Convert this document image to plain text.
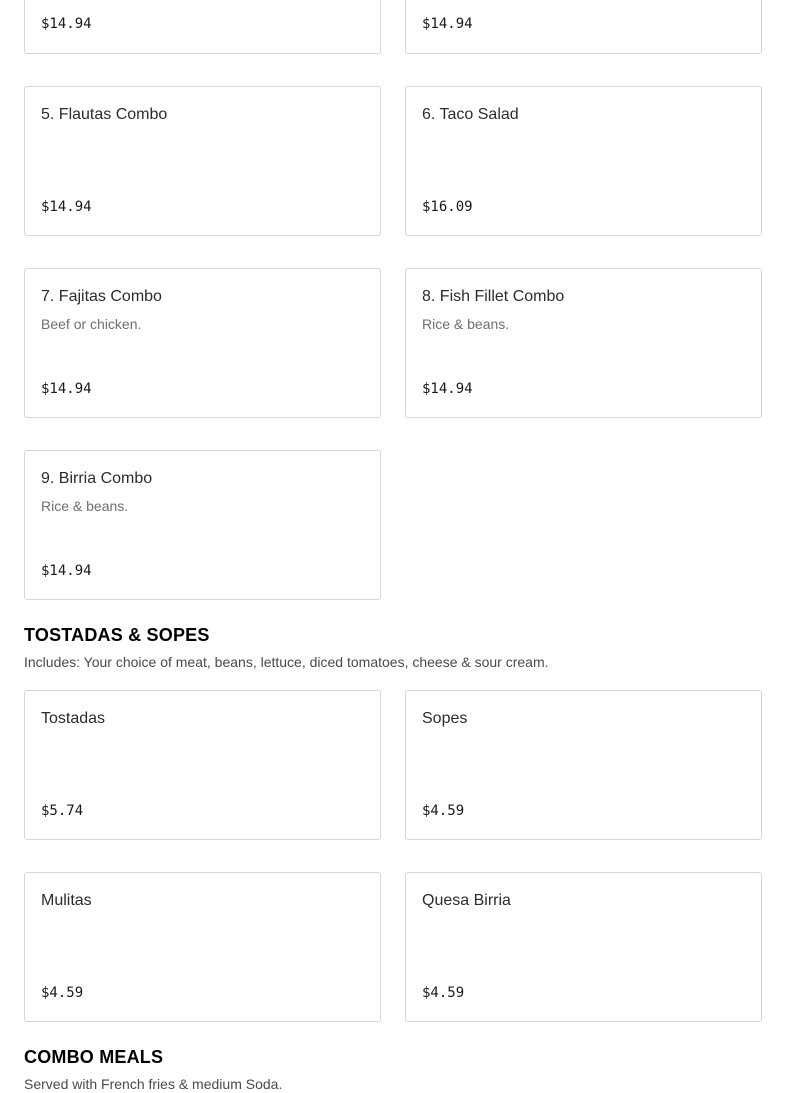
$14.94	$14.94
5. Flautas Combo
$14.94
6. Taco Salad
$16.09
7. Fajitas Combo
Beef or chicken.
$14.94
8. Fish Fillet Combo
Rice & beans.
$14.94
9. Birria Combo
Rice & beans.
$14.94
TOSTADAS & SOPES

Includes: Your choice of meat, beans, lettuce, diced tomatoes, cheese & sour cream.

Tostadas
$5.74
Sopes
$4.59
Mulitas
$4.59
Quesa Birria
$4.59
COMBO MEALS

Served with French fries & medium Soda.
